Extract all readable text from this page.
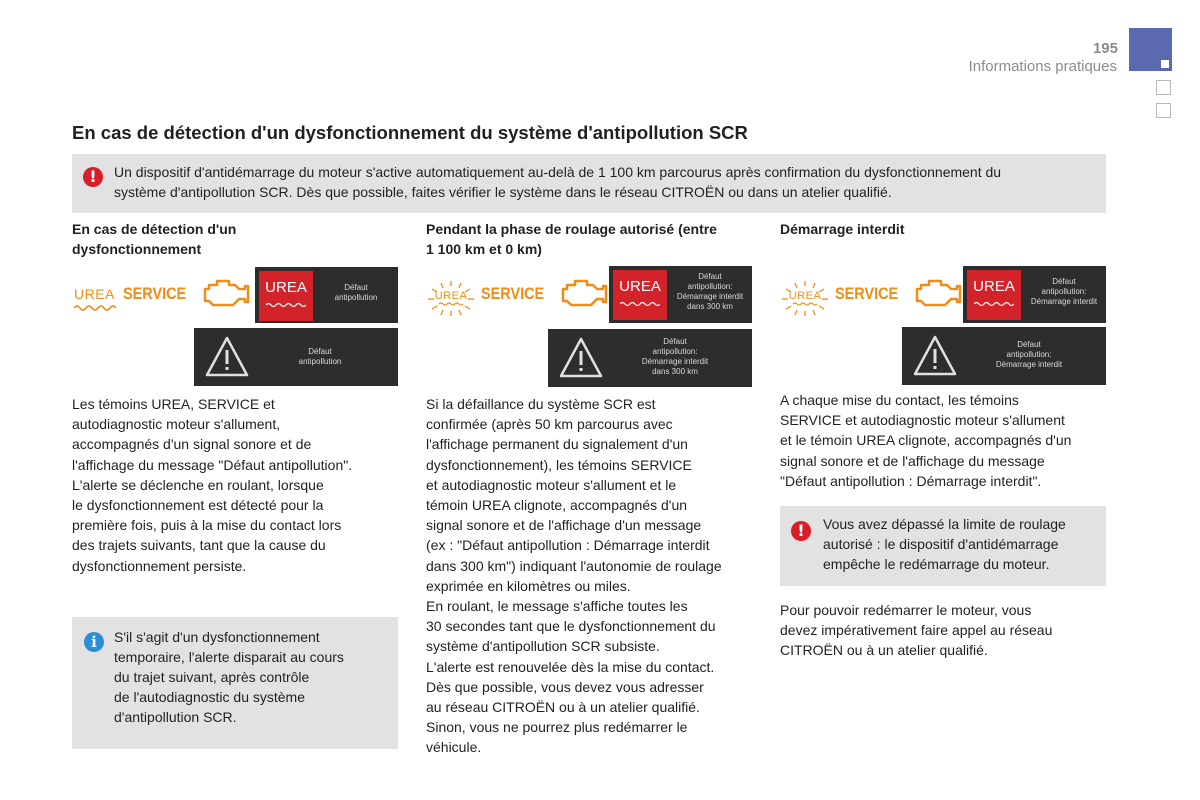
195
Informations pratiques
En cas de détection d'un dysfonctionnement du système d'antipollution SCR
!	Un dispositif d'antidémarrage du moteur s'active automatiquement au-delà de 1 100 km parcourus après confirmation du dysfonctionnement du
système d'antipollution SCR. Dès que possible, faites vérifier le système dans le réseau CITROËN ou dans un atelier qualifié.
En cas de détection d'un
dysfonctionnement
Pendant la phase de roulage autorisé (entre
1 100 km et 0 km)
Démarrage interdit
UREA SERVICE	UREA	Défaut
antipollution
Défaut
antipollution
UREA SERVICE	UREA
Défaut
antipollution:
Démarrage interdit
dans 300 km
Défaut
antipollution:
Démarrage interdit
dans 300 km
UREA SERVICE	UREA	Défaut
antipollution:
Démarrage interdit
Défaut
antipollution:
Démarrage interdit
Les témoins UREA, SERVICE et
autodiagnostic moteur s'allument,
accompagnés d'un signal sonore et de
l'affichage du message "Défaut antipollution".
L'alerte se déclenche en roulant, lorsque
le dysfonctionnement est détecté pour la
première fois, puis à la mise du contact lors
des trajets suivants, tant que la cause du
dysfonctionnement persiste.
i	S'il s'agit d'un dysfonctionnement
temporaire, l'alerte disparait au cours
du trajet suivant, après contrôle
de l'autodiagnostic du système
d'antipollution SCR.
Si la défaillance du système SCR est
confirmée (après 50 km parcourus avec
l'affichage permanent du signalement d'un
dysfonctionnement), les témoins SERVICE
et autodiagnostic moteur s'allument et le
témoin UREA clignote, accompagnés d'un
signal sonore et de l'affichage d'un message
(ex : "Défaut antipollution : Démarrage interdit
dans 300 km") indiquant l'autonomie de roulage
exprimée en kilomètres ou miles.
En roulant, le message s'affiche toutes les
30 secondes tant que le dysfonctionnement du
système d'antipollution SCR subsiste.
L'alerte est renouvelée dès la mise du contact.
Dès que possible, vous devez vous adresser
au réseau CITROËN ou à un atelier qualifié.
Sinon, vous ne pourrez plus redémarrer le
véhicule.
A chaque mise du contact, les témoins
SERVICE et autodiagnostic moteur s'allument
et le témoin UREA clignote, accompagnés d'un
signal sonore et de l'affichage du message
"Défaut antipollution : Démarrage interdit".
!	Vous avez dépassé la limite de roulage
autorisé : le dispositif d'antidémarrage
empêche le redémarrage du moteur.
Pour pouvoir redémarrer le moteur, vous
devez impérativement faire appel au réseau
CITROËN ou à un atelier qualifié.
